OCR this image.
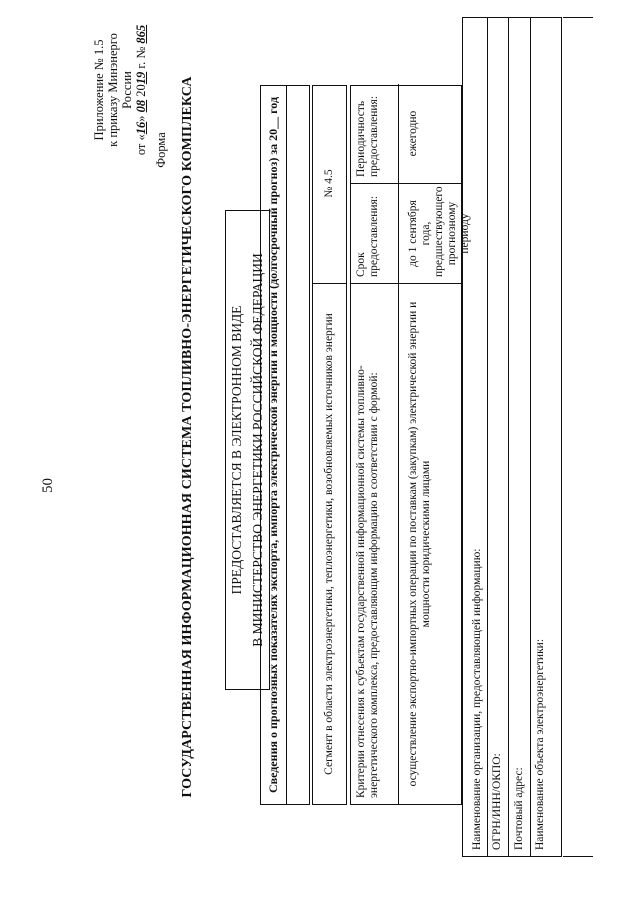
50
Приложение № 1.5 к приказу Минэнерго России
от «16» 08 2019 г. № 865
Форма ГОСУДАРСТВЕННАЯ ИНФОРМАЦИОННАЯ СИСТЕМА ТОПЛИВНО-ЭНЕРГЕТИЧЕСКОГО КОМПЛЕКСА	ПРЕДОСТАВЛЯЕТСЯ В ЭЛЕКТРОННОМ ВИДЕ В МИНИСТЕРСТВО ЭНЕРГЕТИКИ РОССИЙСКОЙ ФЕДЕРАЦИИ Сведения о прогнозных показателях экспорта, импорта электрической энергии и мощности (долгосрочный прогноз) за 20__ год	Сегмент в области электроэнергетики, теплоэнергетики, возобновляемых источников энергии
№ 4.5
Критерии отнесения к субъектам государственной информационной системы топливно-энергетического комплекса, предоставляющим информацию в соответствии с формой:
Срок предоставления:
Периодичность предоставления:
осуществление экспортно-импортных операции по поставкам (закупкам) электрической энергии и мощности юридическими лицами
до 1 сентября года, предшествующего прогнозному периоду
ежегодно
Наименование организации, предоставляющей информацию: ОГРН/ИНН/ОКПО: Почтовый адрес: Наименование объекта электроэнергетики:
